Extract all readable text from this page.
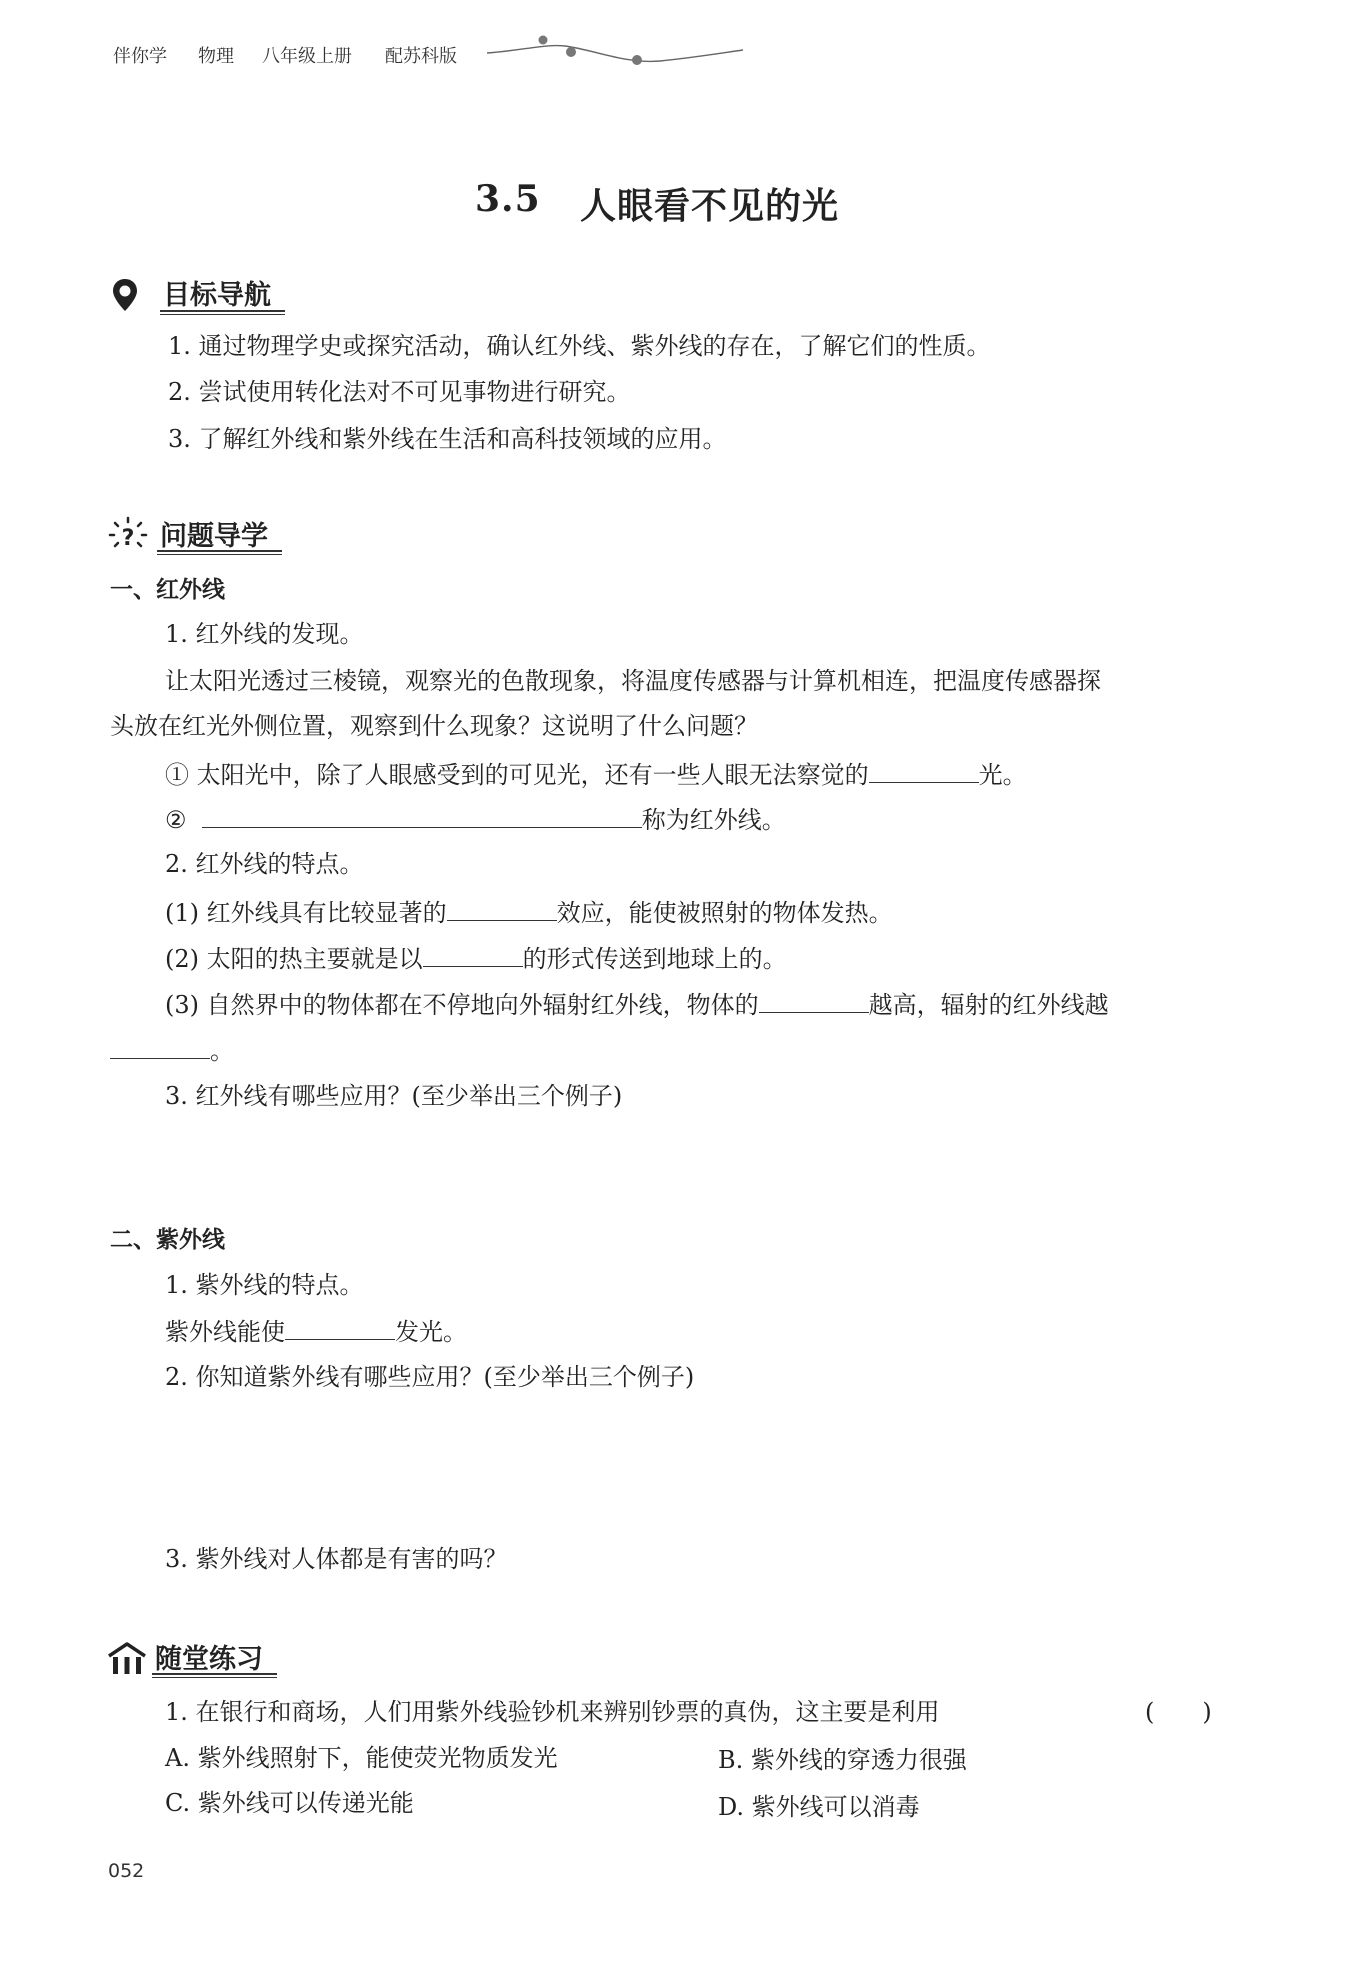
伴你学 物理 八年级上册 配苏科版
3.5 人眼看不见的光
目标导航
1. 通过物理学史或探究活动，确认红外线、紫外线的存在，了解它们的性质。
2. 尝试使用转化法对不可见事物进行研究。
3. 了解红外线和紫外线在生活和高科技领域的应用。
? 问题导学
一、红外线
1. 红外线的发现。
让太阳光透过三棱镜，观察光的色散现象，将温度传感器与计算机相连，把温度传感器探
头放在红光外侧位置，观察到什么现象？这说明了什么问题？
① 太阳光中，除了人眼感受到的可见光，还有一些人眼无法察觉的	光。
②	称为红外线。
2. 红外线的特点。
(1) 红外线具有比较显著的	效应，能使被照射的物体发热。
(2) 太阳的热主要就是以	的形式传送到地球上的。
(3) 自然界中的物体都在不停地向外辐射红外线，物体的	越高，辐射的红外线越
。
3. 红外线有哪些应用？(至少举出三个例子)
二、紫外线
1. 紫外线的特点。
紫外线能使	发光。
2. 你知道紫外线有哪些应用？(至少举出三个例子)
3. 紫外线对人体都是有害的吗？
随堂练习
1. 在银行和商场，人们用紫外线验钞机来辨别钞票的真伪，这主要是利用	(　　)
A. 紫外线照射下，能使荧光物质发光	B. 紫外线的穿透力很强
C. 紫外线可以传递光能	D. 紫外线可以消毒
052
